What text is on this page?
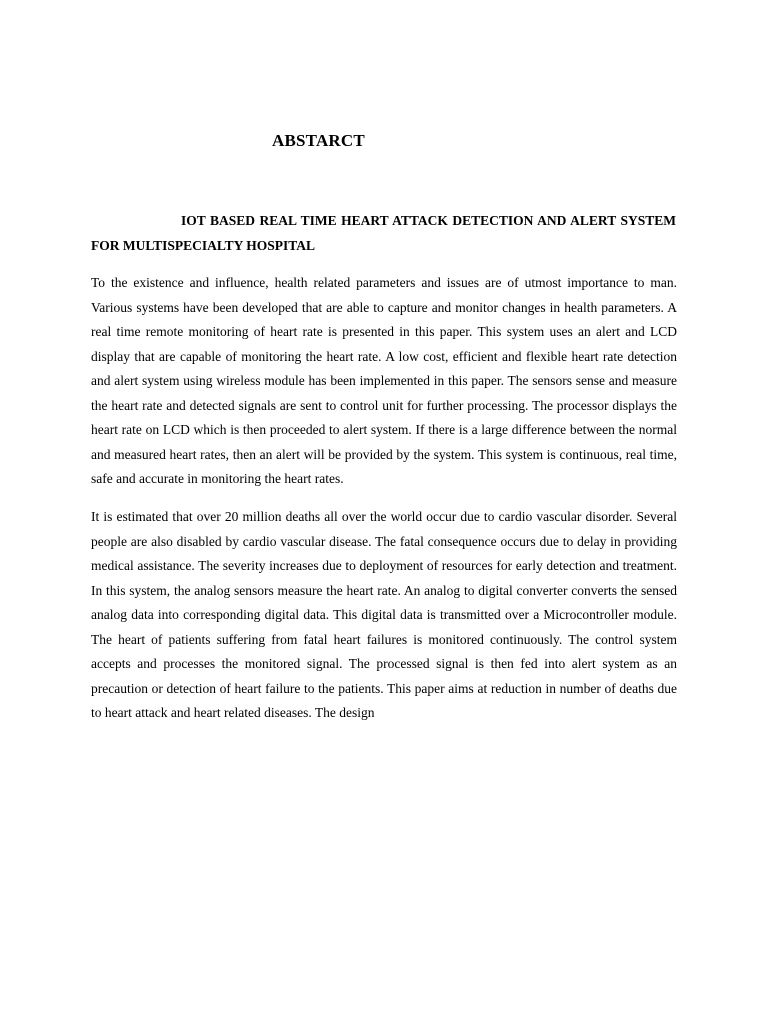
ABSTARCT

IOT BASED REAL TIME HEART ATTACK DETECTION AND ALERT SYSTEM FOR MULTISPECIALTY HOSPITAL

To the existence and influence, health related parameters and issues are of utmost importance to man. Various systems have been developed that are able to capture and monitor changes in health parameters. A real time remote monitoring of heart rate is presented in this paper. This system uses an alert and LCD display that are capable of monitoring the heart rate. A low cost, efficient and flexible heart rate detection and alert system using wireless module has been implemented in this paper. The sensors sense and measure the heart rate and detected signals are sent to control unit for further processing. The processor displays the heart rate on LCD which is then proceeded to alert system. If there is a large difference between the normal and measured heart rates, then an alert will be provided by the system. This system is continuous, real time, safe and accurate in monitoring the heart rates.

It is estimated that over 20 million deaths all over the world occur due to cardio vascular disorder. Several people are also disabled by cardio vascular disease. The fatal consequence occurs due to delay in providing medical assistance. The severity increases due to deployment of resources for early detection and treatment. In this system, the analog sensors measure the heart rate. An analog to digital converter converts the sensed analog data into corresponding digital data. This digital data is transmitted over a Microcontroller module. The heart of patients suffering from fatal heart failures is monitored continuously. The control system accepts and processes the monitored signal. The processed signal is then fed into alert system as an precaution or detection of heart failure to the patients. This paper aims at reduction in number of deaths due to heart attack and heart related diseases. The design
